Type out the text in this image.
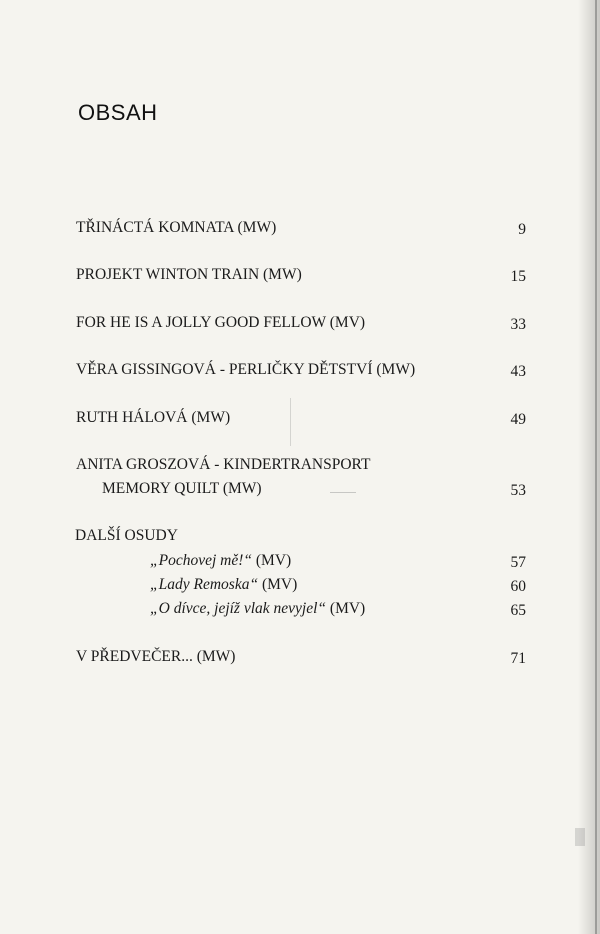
OBSAH
TŘINÁCTÁ KOMNATA (MW)	9
PROJEKT WINTON TRAIN (MW)	15
FOR HE IS A JOLLY GOOD FELLOW (MV)	33
VĚRA GISSINGOVÁ - PERLIČKY DĚTSTVÍ (MW)	43
RUTH HÁLOVÁ (MW)	49
ANITA GROSZOVÁ - KINDERTRANSPORT
MEMORY QUILT (MW)	53
DALŠÍ OSUDY
„Pochovej mě!“ (MV)	57
„Lady Remoska“ (MV)	60
„O dívce, jejíž vlak nevyjel“ (MV)	65
V PŘEDVEČER... (MW)	71
